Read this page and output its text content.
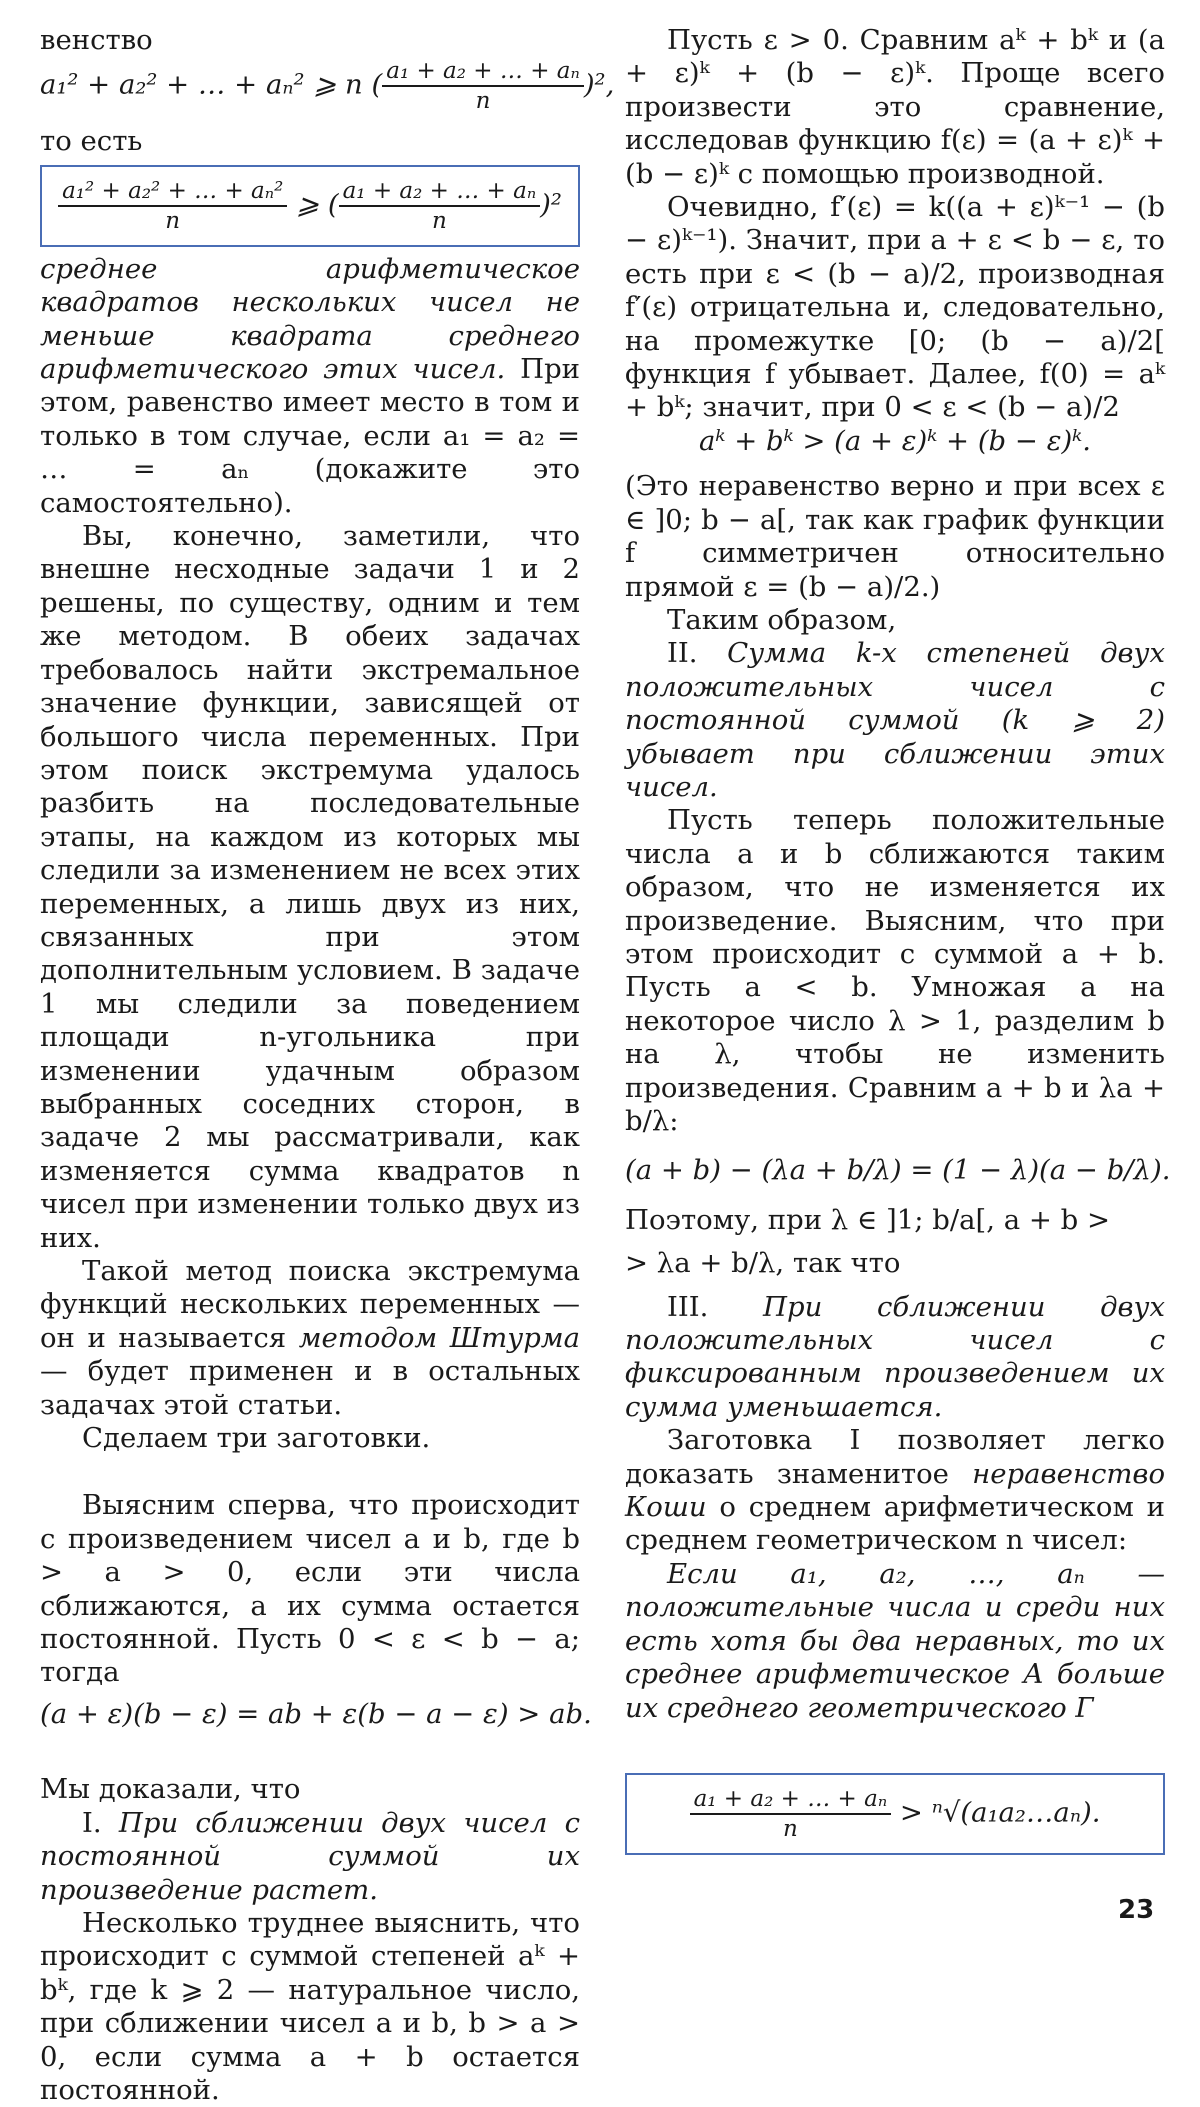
венство

a₁² + a₂² + … + aₙ² ⩾ n ( $\frac{\text{a₁ + a₂ + … + aₙ}}{n} )^2$,

то есть

$\frac{\text{a₁² + a₂² + … + aₙ²}}{n}$ ⩾ ( $\frac{\text{a₁ + a₂ + … + aₙ}}{n} )^2$

среднее арифметическое квадратов нескольких чисел не меньше квадрата среднего арифметического этих чисел. При этом, равенство имеет место в том и только в том случае, если a₁ = a₂ = … = aₙ (докажите это самостоятельно).

Вы, конечно, заметили, что внешне несходные задачи 1 и 2 решены, по существу, одним и тем же методом. В обеих задачах требовалось найти экстремальное значение функции, зависящей от большого числа переменных. При этом поиск экстремума удалось разбить на последовательные этапы, на каждом из которых мы следили за изменением не всех этих переменных, а лишь двух из них, связанных при этом дополнительным условием. В задаче 1 мы следили за поведением площади n-угольника при изменении удачным образом выбранных соседних сторон, в задаче 2 мы рассматривали, как изменяется сумма квадратов n чисел при изменении только двух из них.

Такой метод поиска экстремума функций нескольких переменных — он и называется методом Штурма — будет применен и в остальных задачах этой статьи.

Сделаем три заготовки.

Выясним сперва, что происходит с произведением чисел a и b, где b > a > 0, если эти числа сближаются, а их сумма остается постоянной. Пусть 0 < ε < b − a; тогда

(a + ε)(b − ε) = ab + ε(b − a − ε) > ab.

Мы доказали, что

I. При сближении двух чисел с постоянной суммой их произведение растет.

Несколько труднее выяснить, что происходит с суммой степеней aᵏ + bᵏ, где k ⩾ 2 — натуральное число, при сближении чисел a и b, b > a > 0, если сумма a + b остается постоянной.

Пусть ε > 0. Сравним aᵏ + bᵏ и (a + ε)ᵏ + (b − ε)ᵏ. Проще всего произвести это сравнение, исследовав функцию f(ε) = (a + ε)ᵏ + (b − ε)ᵏ с помощью производной.

Очевидно, f′(ε) = k((a + ε)ᵏ⁻¹ − (b − ε)ᵏ⁻¹). Значит, при a + ε < b − ε, то есть при ε < (b − a)/2, производная f′(ε) отрицательна и, следовательно, на промежутке [0; (b − a)/2[ функция f убывает. Далее, f(0) = aᵏ + bᵏ; значит, при 0 < ε < (b − a)/2

aᵏ + bᵏ > (a + ε)ᵏ + (b − ε)ᵏ.

(Это неравенство верно и при всех ε ∈ ]0; b − a[, так как график функции f симметричен относительно прямой ε = (b − a)/2.)

Таким образом,

II. Сумма k-х степеней двух положительных чисел с постоянной суммой (k ⩾ 2) убывает при сближении этих чисел.

Пусть теперь положительные числа a и b сближаются таким образом, что не изменяется их произведение. Выясним, что при этом происходит с суммой a + b. Пусть a < b. Умножая a на некоторое число λ > 1, разделим b на λ, чтобы не изменить произведения. Сравним a + b и λa + b/λ:

(a + b) − (λa + b/λ) = (1 − λ)(a − b/λ).

Поэтому, при λ ∈ ]1; b/a[, a + b >

> λa + b/λ, так что

III. При сближении двух положительных чисел с фиксированным произведением их сумма уменьшается.

Заготовка I позволяет легко доказать знаменитое неравенство Коши о среднем арифметическом и среднем геометрическом n чисел:

Если a₁, a₂, …, aₙ — положительные числа и среди них есть хотя бы два неравных, то их среднее арифметическое A больше их среднего геометрического Г

$\frac{\text{a₁ + a₂ + … + aₙ}}{n}$ > ⁿ√(a₁a₂…aₙ).
23
